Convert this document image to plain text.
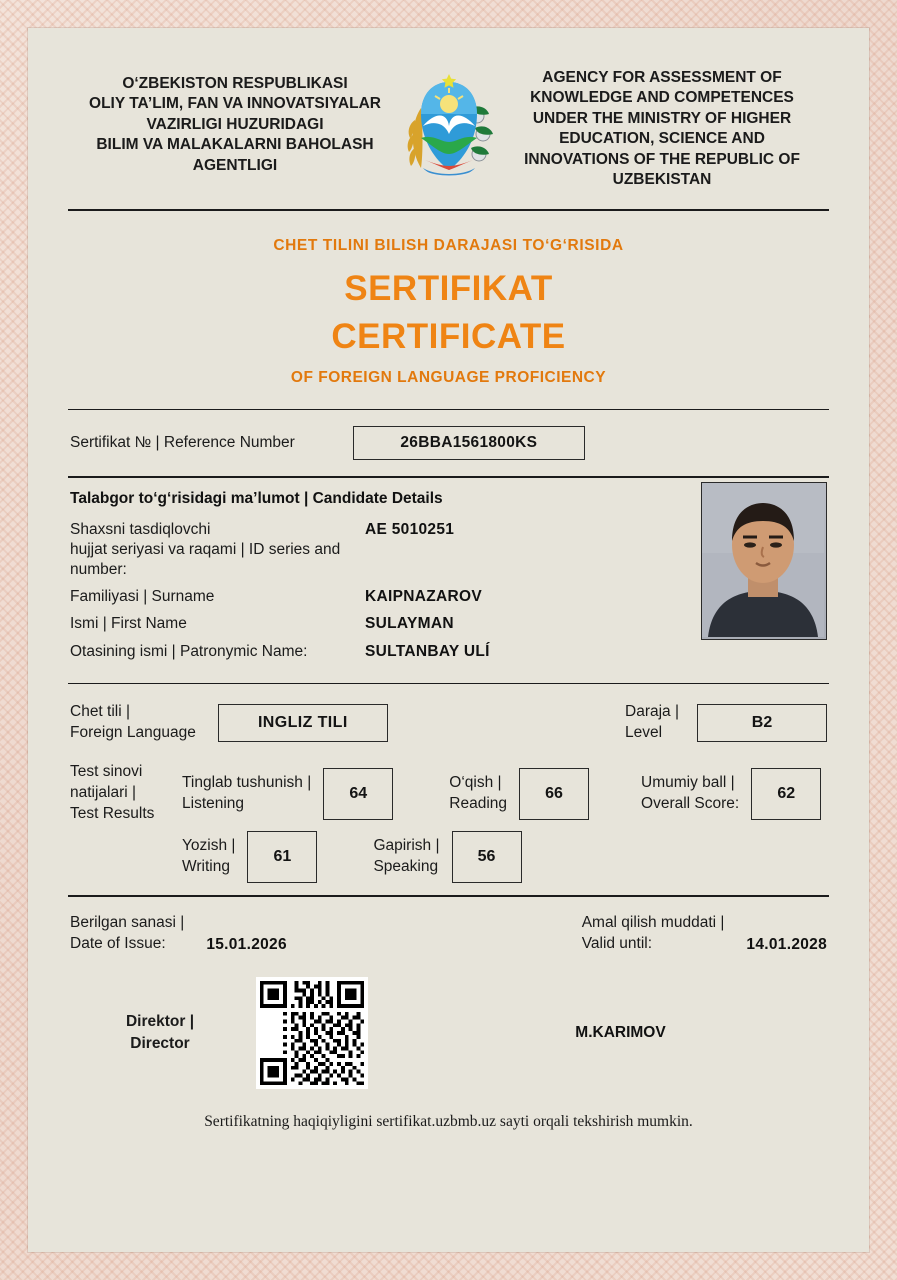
O‘ZBEKISTON RESPUBLIKASI
OLIY TA’LIM, FAN VA INNOVATSIYALAR
VAZIRLIGI HUZURIDAGI
BILIM VA MALAKALARNI BAHOLASH
AGENTLIGI
AGENCY FOR ASSESSMENT OF
KNOWLEDGE AND COMPETENCES
UNDER THE MINISTRY OF HIGHER
EDUCATION, SCIENCE AND
INNOVATIONS OF THE REPUBLIC OF
UZBEKISTAN
CHET TILINI BILISH DARAJASI TO‘G‘RISIDA
SERTIFIKAT
CERTIFICATE
OF FOREIGN LANGUAGE PROFICIENCY
Sertifikat № | Reference Number	26BBA1561800KS
Talabgor to‘g‘risidagi ma’lumot | Candidate Details
Shaxsni tasdiqlovchi
hujjat seriyasi va raqami | ID series and number:
AE 5010251
Familiyasi | Surname	KAIPNAZAROV
Ismi | First Name	SULAYMAN
Otasining ismi | Patronymic Name:	SULTANBAY ULÍ
Chet tili |
Foreign Language
INGLIZ TILI
Daraja |
Level
B2
Test sinovi
natijalari |
Test Results
Tinglab tushunish |
Listening
64
O‘qish |
Reading
66
Umumiy ball |
Overall Score:
62
Yozish |
Writing
61
Gapirish |
Speaking
56
Berilgan sanasi |
Date of Issue:	15.01.2026
Amal qilish muddati |
Valid until:	14.01.2028
Direktor |
Director
M.KARIMOV
Sertifikatning haqiqiyligini sertifikat.uzbmb.uz sayti orqali tekshirish mumkin.
